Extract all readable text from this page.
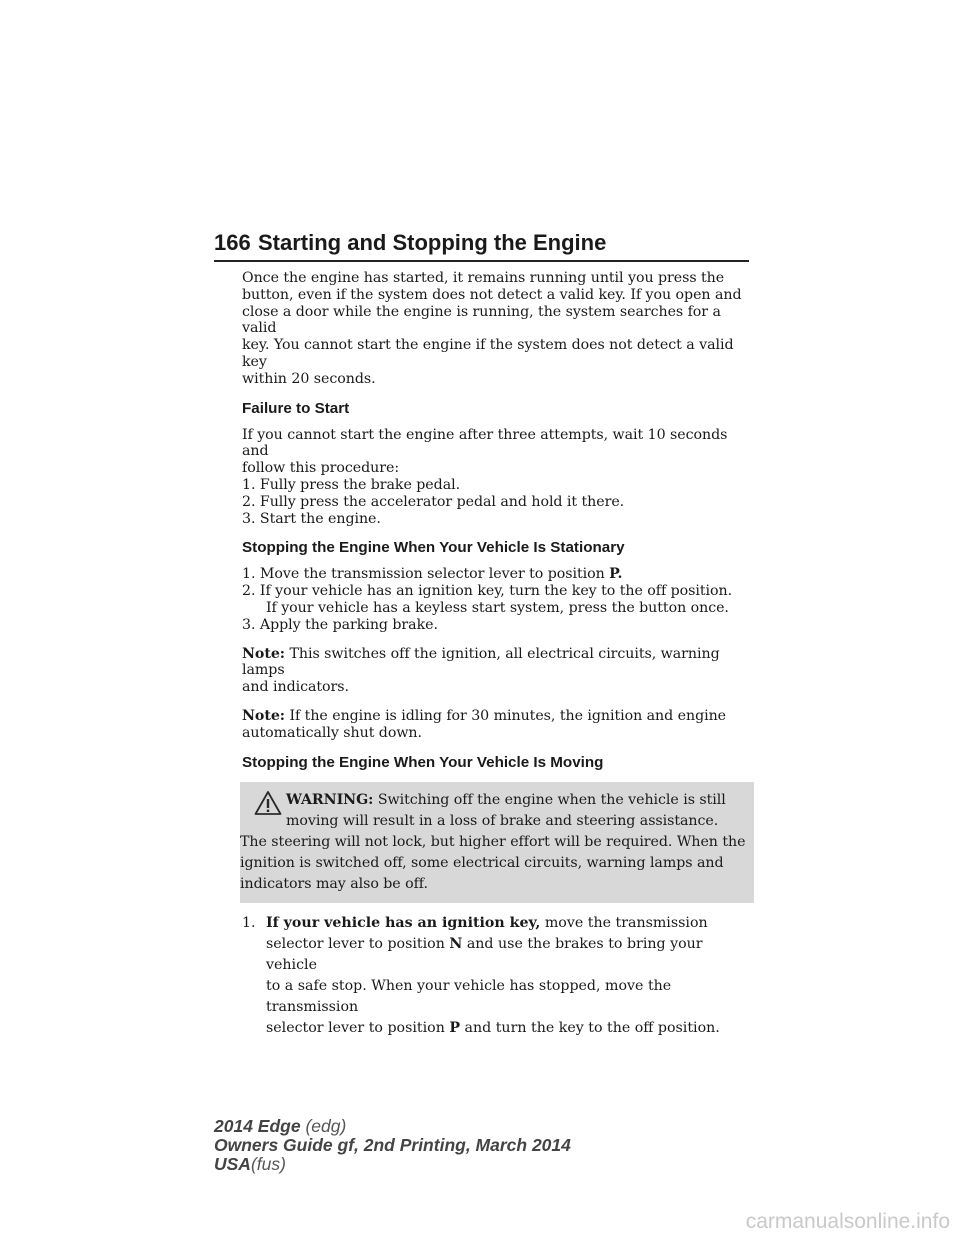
166 Starting and Stopping the Engine
Once the engine has started, it remains running until you press the
button, even if the system does not detect a valid key. If you open and
close a door while the engine is running, the system searches for a valid
key. You cannot start the engine if the system does not detect a valid key
within 20 seconds.
Failure to Start
If you cannot start the engine after three attempts, wait 10 seconds and
follow this procedure:
1. Fully press the brake pedal.
2. Fully press the accelerator pedal and hold it there.
3. Start the engine.
Stopping the Engine When Your Vehicle Is Stationary
1. Move the transmission selector lever to position P.
2. If your vehicle has an ignition key, turn the key to the off position.
If your vehicle has a keyless start system, press the button once.
3. Apply the parking brake.
Note: This switches off the ignition, all electrical circuits, warning lamps
and indicators.
Note: If the engine is idling for 30 minutes, the ignition and engine
automatically shut down.
Stopping the Engine When Your Vehicle Is Moving

WARNING: Switching off the engine when the vehicle is still

moving will result in a loss of brake and steering assistance.

The steering will not lock, but higher effort will be required. When the

ignition is switched off, some electrical circuits, warning lamps and

indicators may also be off.

1. If your vehicle has an ignition key, move the transmission
selector lever to position N and use the brakes to bring your vehicle
to a safe stop. When your vehicle has stopped, move the transmission
selector lever to position P and turn the key to the off position.
2014 Edge (edg)
Owners Guide gf, 2nd Printing, March 2014
USA(fus)
carmanualsonline.info
